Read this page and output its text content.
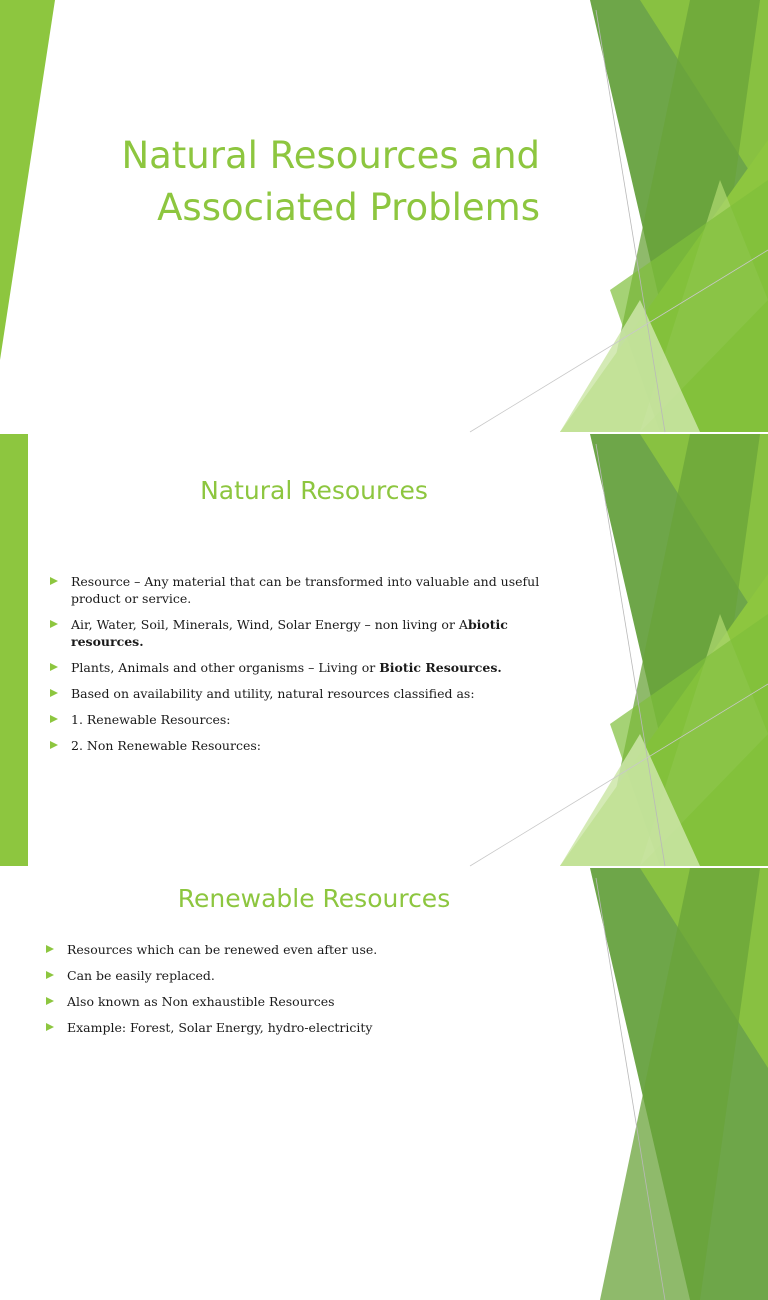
Natural Resources and
Associated Problems
Natural Resources
Resource – Any material that can be transformed into valuable and useful product or service.
Air, Water, Soil, Minerals, Wind, Solar Energy – non living or Abiotic resources.
Plants, Animals and other organisms – Living or Biotic Resources.
Based on availability and utility, natural resources classified as:
1. Renewable Resources:
2. Non Renewable Resources:
Renewable Resources
Resources which can be renewed even after use.
Can be easily replaced.
Also known as Non exhaustible Resources
Example: Forest, Solar Energy, hydro-electricity
